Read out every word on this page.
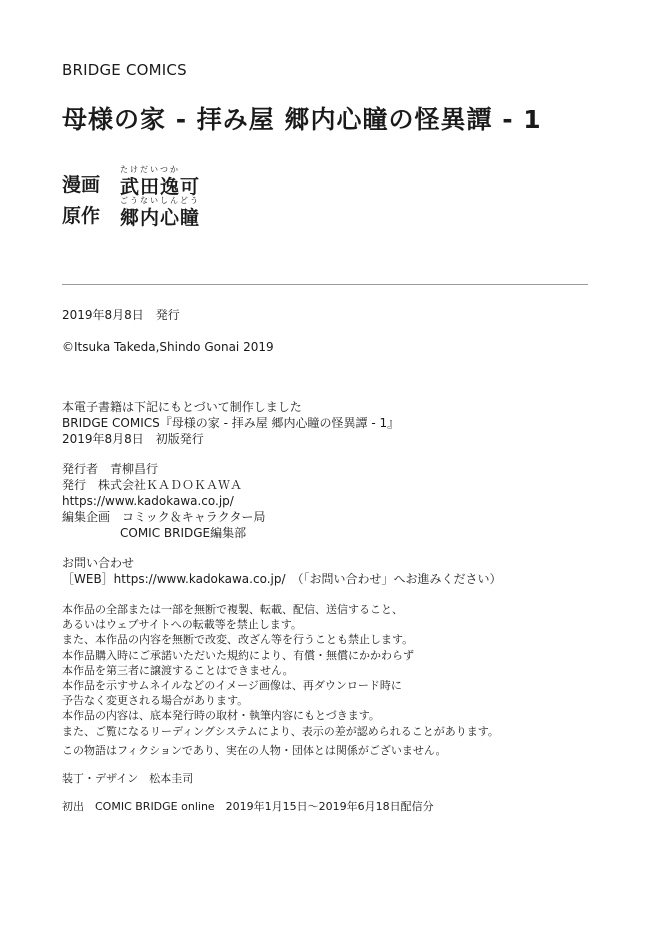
BRIDGE COMICS
母様の家 - 拝み屋 郷内心瞳の怪異譚 - 1
漫画
たけだいつか
武田逸可
原作
ごうないしんどう
郷内心瞳
2019年8月8日　発行
©Itsuka Takeda,Shindo Gonai 2019
本電子書籍は下記にもとづいて制作しました
BRIDGE COMICS『母様の家 - 拝み屋 郷内心瞳の怪異譚 - 1』
2019年8月8日　初版発行
発行者　青柳昌行
発行　株式会社ＫＡＤＯＫＡＷＡ
https://www.kadokawa.co.jp/
編集企画　コミック＆キャラクター局
COMIC BRIDGE編集部
お問い合わせ
［WEB］https://www.kadokawa.co.jp/　（「お問い合わせ」へお進みください）
本作品の全部または一部を無断で複製、転載、配信、送信すること、
あるいはウェブサイトへの転載等を禁止します。
また、本作品の内容を無断で改変、改ざん等を行うことも禁止します。
本作品購入時にご承諾いただいた規約により、有償・無償にかかわらず
本作品を第三者に譲渡することはできません。
本作品を示すサムネイルなどのイメージ画像は、再ダウンロード時に
予告なく変更される場合があります。
本作品の内容は、底本発行時の取材・執筆内容にもとづきます。
また、ご覧になるリーディングシステムにより、表示の差が認められることがあります。
この物語はフィクションであり、実在の人物・団体とは関係がございません。
装丁・デザイン　松本圭司
初出　COMIC BRIDGE online　2019年1月15日～2019年6月18日配信分
